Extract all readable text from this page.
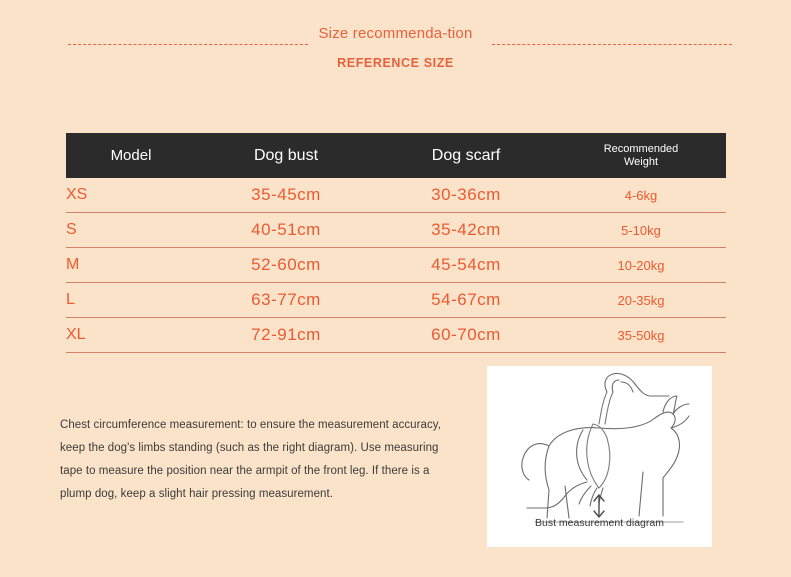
Size recommenda-tion
REFERENCE SIZE
Model	Dog bust	Dog scarf	Recommended
Weight

XS	35-45cm	30-36cm	4-6kg
S	40-51cm	35-42cm	5-10kg
M	52-60cm	45-54cm	10-20kg
L	63-77cm	54-67cm	20-35kg
XL	72-91cm	60-70cm	35-50kg
Chest circumference measurement: to ensure the measurement accuracy, keep the dog's limbs standing (such as the right diagram). Use measuring tape to measure the position near the armpit of the front leg. If there is a plump dog, keep a slight hair pressing measurement.
Bust measurement diagram
